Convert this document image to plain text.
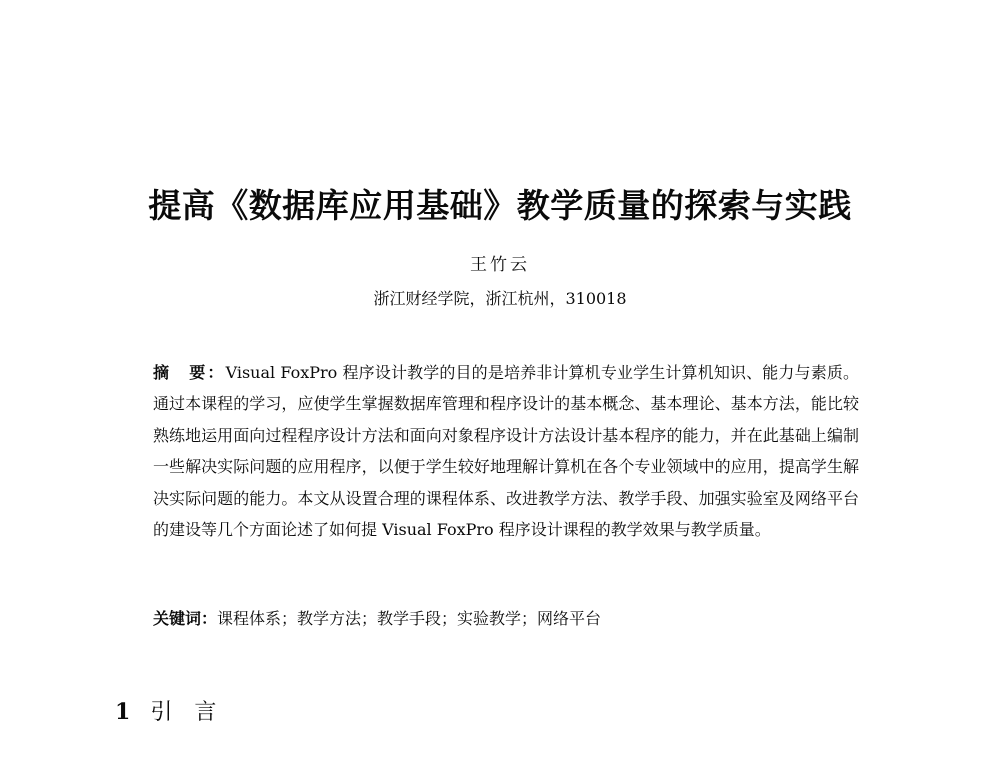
提高《数据库应用基础》教学质量的探索与实践
王竹云
浙江财经学院，浙江杭州，310018
摘　要：Visual FoxPro 程序设计教学的目的是培养非计算机专业学生计算机知识、能力与素质。通过本课程的学习，应使学生掌握数据库管理和程序设计的基本概念、基本理论、基本方法，能比较熟练地运用面向过程程序设计方法和面向对象程序设计方法设计基本程序的能力，并在此基础上编制一些解决实际问题的应用程序，以便于学生较好地理解计算机在各个专业领域中的应用，提高学生解决实际问题的能力。本文从设置合理的课程体系、改进教学方法、教学手段、加强实验室及网络平台的建设等几个方面论述了如何提 Visual FoxPro 程序设计课程的教学效果与教学质量。
关键词：课程体系；教学方法；教学手段；实验教学；网络平台
1 引言
